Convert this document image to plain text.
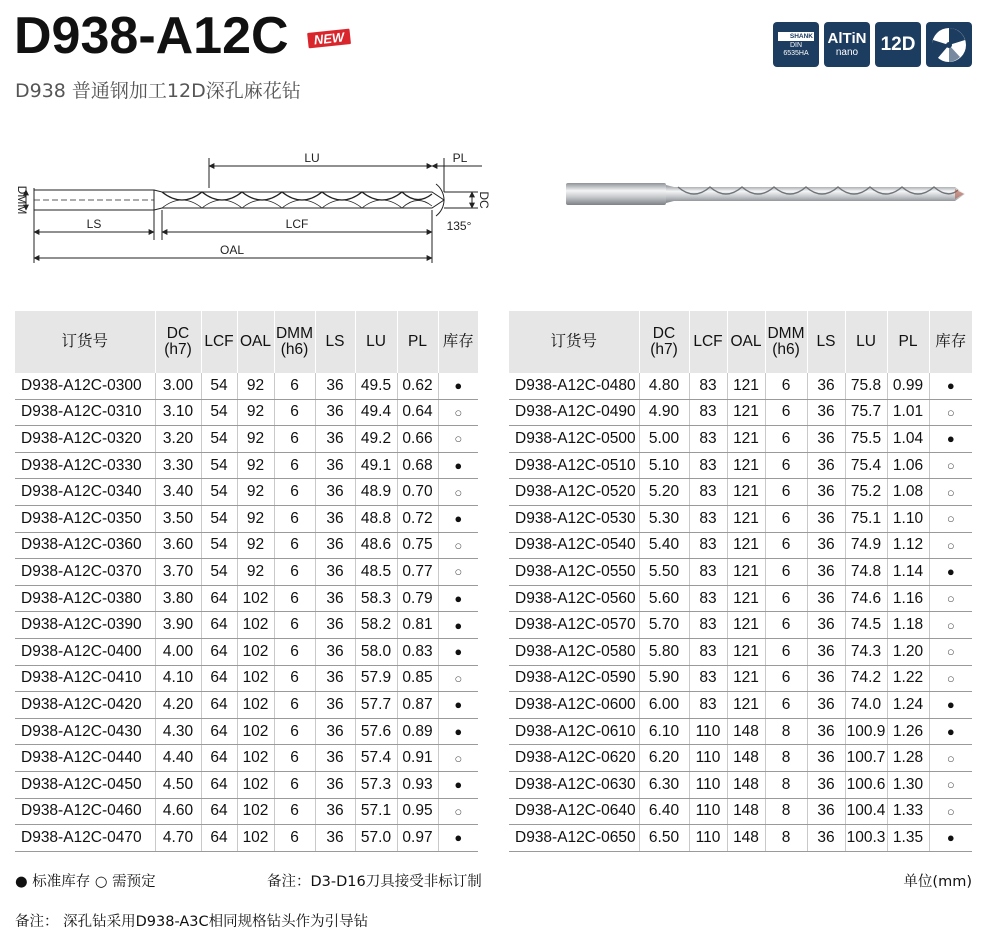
D938-A12C NEW
D938 普通钢加工12D深孔麻花钻
SHANK
DIN
6535HA
AlTiN
nano 12D
LU	PL
LS	LCF
OAL
DMM	DC
135°
订货号	DC
(h7)	LCF	OAL	DMM
(h6)	LS	LU	PL	库存
D938-A12C-0300	3.00	54	92	6	36	49.5	0.62	●
D938-A12C-0310	3.10	54	92	6	36	49.4	0.64	○
D938-A12C-0320	3.20	54	92	6	36	49.2	0.66	○
D938-A12C-0330	3.30	54	92	6	36	49.1	0.68	●
D938-A12C-0340	3.40	54	92	6	36	48.9	0.70	○
D938-A12C-0350	3.50	54	92	6	36	48.8	0.72	●
D938-A12C-0360	3.60	54	92	6	36	48.6	0.75	○
D938-A12C-0370	3.70	54	92	6	36	48.5	0.77	○
D938-A12C-0380	3.80	64	102	6	36	58.3	0.79	●
D938-A12C-0390	3.90	64	102	6	36	58.2	0.81	●
D938-A12C-0400	4.00	64	102	6	36	58.0	0.83	●
D938-A12C-0410	4.10	64	102	6	36	57.9	0.85	○
D938-A12C-0420	4.20	64	102	6	36	57.7	0.87	●
D938-A12C-0430	4.30	64	102	6	36	57.6	0.89	●
D938-A12C-0440	4.40	64	102	6	36	57.4	0.91	○
D938-A12C-0450	4.50	64	102	6	36	57.3	0.93	●
D938-A12C-0460	4.60	64	102	6	36	57.1	0.95	○
D938-A12C-0470	4.70	64	102	6	36	57.0	0.97	●
订货号	DC
(h7)	LCF	OAL	DMM
(h6)	LS	LU	PL	库存
D938-A12C-0480	4.80	83	121	6	36	75.8	0.99	●
D938-A12C-0490	4.90	83	121	6	36	75.7	1.01	○
D938-A12C-0500	5.00	83	121	6	36	75.5	1.04	●
D938-A12C-0510	5.10	83	121	6	36	75.4	1.06	○
D938-A12C-0520	5.20	83	121	6	36	75.2	1.08	○
D938-A12C-0530	5.30	83	121	6	36	75.1	1.10	○
D938-A12C-0540	5.40	83	121	6	36	74.9	1.12	○
D938-A12C-0550	5.50	83	121	6	36	74.8	1.14	●
D938-A12C-0560	5.60	83	121	6	36	74.6	1.16	○
D938-A12C-0570	5.70	83	121	6	36	74.5	1.18	○
D938-A12C-0580	5.80	83	121	6	36	74.3	1.20	○
D938-A12C-0590	5.90	83	121	6	36	74.2	1.22	○
D938-A12C-0600	6.00	83	121	6	36	74.0	1.24	●
D938-A12C-0610	6.10	110	148	8	36	100.9	1.26	●
D938-A12C-0620	6.20	110	148	8	36	100.7	1.28	○
D938-A12C-0630	6.30	110	148	8	36	100.6	1.30	○
D938-A12C-0640	6.40	110	148	8	36	100.4	1.33	○
D938-A12C-0650	6.50	110	148	8	36	100.3	1.35	●
● 标准库存 ○ 需预定	备注：D3-D16刀具接受非标订制	单位(mm)
备注： 深孔钻采用D938-A3C相同规格钻头作为引导钻
